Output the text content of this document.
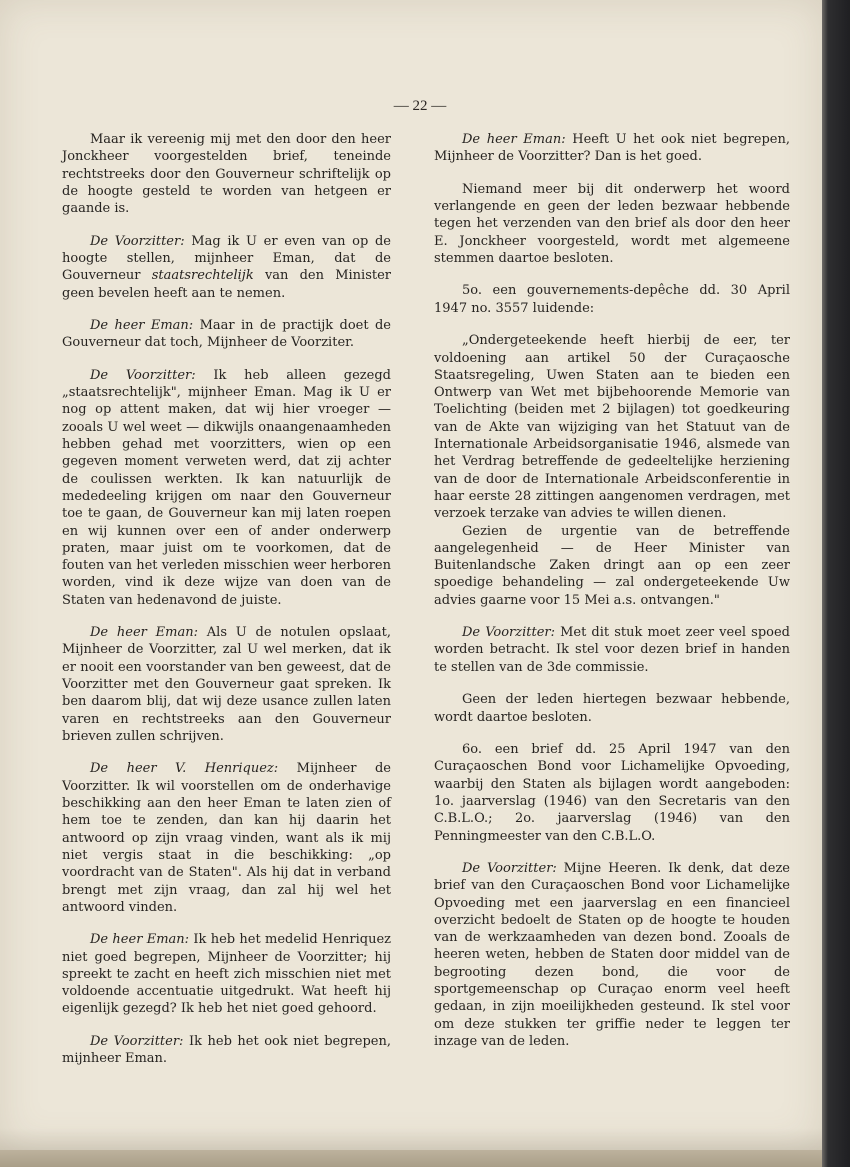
— 22 —

Maar ik vereenig mij met den door den heer Jonckheer voorgestelden brief, teneinde rechtstreeks door den Gouverneur schriftelijk op de hoogte gesteld te worden van hetgeen er gaande is.

De Voorzitter: Mag ik U er even van op de hoogte stellen, mijnheer Eman, dat de Gouverneur staatsrechtelijk van den Minister geen bevelen heeft aan te nemen.

De heer Eman: Maar in de practijk doet de Gouverneur dat toch, Mijnheer de Voorziter.

De Voorzitter: Ik heb alleen gezegd „staatsrechtelijk", mijnheer Eman. Mag ik U er nog op attent maken, dat wij hier vroeger — zooals U wel weet — dikwijls onaangenaamheden hebben gehad met voorzitters, wien op een gegeven moment verweten werd, dat zij achter de coulissen werkten. Ik kan natuurlijk de mededeeling krijgen om naar den Gouverneur toe te gaan, de Gouverneur kan mij laten roepen en wij kunnen over een of ander onderwerp praten, maar juist om te voorkomen, dat de fouten van het verleden misschien weer herboren worden, vind ik deze wijze van doen van de Staten van hedenavond de juiste.

De heer Eman: Als U de notulen opslaat, Mijnheer de Voorzitter, zal U wel merken, dat ik er nooit een voorstander van ben geweest, dat de Voorzitter met den Gouverneur gaat spreken. Ik ben daarom blij, dat wij deze usance zullen laten varen en rechtstreeks aan den Gouverneur brieven zullen schrijven.

De heer V. Henriquez: Mijnheer de Voorzitter. Ik wil voorstellen om de onderhavige beschikking aan den heer Eman te laten zien of hem toe te zenden, dan kan hij daarin het antwoord op zijn vraag vinden, want als ik mij niet vergis staat in die beschikking: „op voordracht van de Staten". Als hij dat in verband brengt met zijn vraag, dan zal hij wel het antwoord vinden.

De heer Eman: Ik heb het medelid Henriquez niet goed begrepen, Mijnheer de Voorzitter; hij spreekt te zacht en heeft zich misschien niet met voldoende accentuatie uitgedrukt. Wat heeft hij eigenlijk gezegd? Ik heb het niet goed gehoord.

De Voorzitter: Ik heb het ook niet begrepen, mijnheer Eman.

De heer Eman: Heeft U het ook niet begrepen, Mijnheer de Voorzitter? Dan is het goed.

Niemand meer bij dit onderwerp het woord verlangende en geen der leden bezwaar hebbende tegen het verzenden van den brief als door den heer E. Jonckheer voorgesteld, wordt met algemeene stemmen daartoe besloten.

5o. een gouvernements-depêche dd. 30 April 1947 no. 3557 luidende:

„Ondergeteekende heeft hierbij de eer, ter voldoening aan artikel 50 der Curaçaosche Staatsregeling, Uwen Staten aan te bieden een Ontwerp van Wet met bijbehoorende Memorie van Toelichting (beiden met 2 bijlagen) tot goedkeuring van de Akte van wijziging van het Statuut van de Internationale Arbeidsorganisatie 1946, alsmede van het Verdrag betreffende de gedeeltelijke herziening van de door de Internationale Arbeidsconferentie in haar eerste 28 zittingen aangenomen verdragen, met verzoek terzake van advies te willen dienen.

Gezien de urgentie van de betreffende aangelegenheid — de Heer Minister van Buitenlandsche Zaken dringt aan op een zeer spoedige behandeling — zal ondergeteekende Uw advies gaarne voor 15 Mei a.s. ontvangen."

De Voorzitter: Met dit stuk moet zeer veel spoed worden betracht. Ik stel voor dezen brief in handen te stellen van de 3de commissie.

Geen der leden hiertegen bezwaar hebbende, wordt daartoe besloten.

6o. een brief dd. 25 April 1947 van den Curaçaoschen Bond voor Lichamelijke Opvoeding, waarbij den Staten als bijlagen wordt aangeboden: 1o. jaarverslag (1946) van den Secretaris van den C.B.L.O.; 2o. jaarverslag (1946) van den Penningmeester van den C.B.L.O.

De Voorzitter: Mijne Heeren. Ik denk, dat deze brief van den Curaçaoschen Bond voor Lichamelijke Opvoeding met een jaarverslag en een financieel overzicht bedoelt de Staten op de hoogte te houden van de werkzaamheden van dezen bond. Zooals de heeren weten, hebben de Staten door middel van de begrooting dezen bond, die voor de sportgemeenschap op Curaçao enorm veel heeft gedaan, in zijn moeilijkheden gesteund. Ik stel voor om deze stukken ter griffie neder te leggen ter inzage van de leden.
